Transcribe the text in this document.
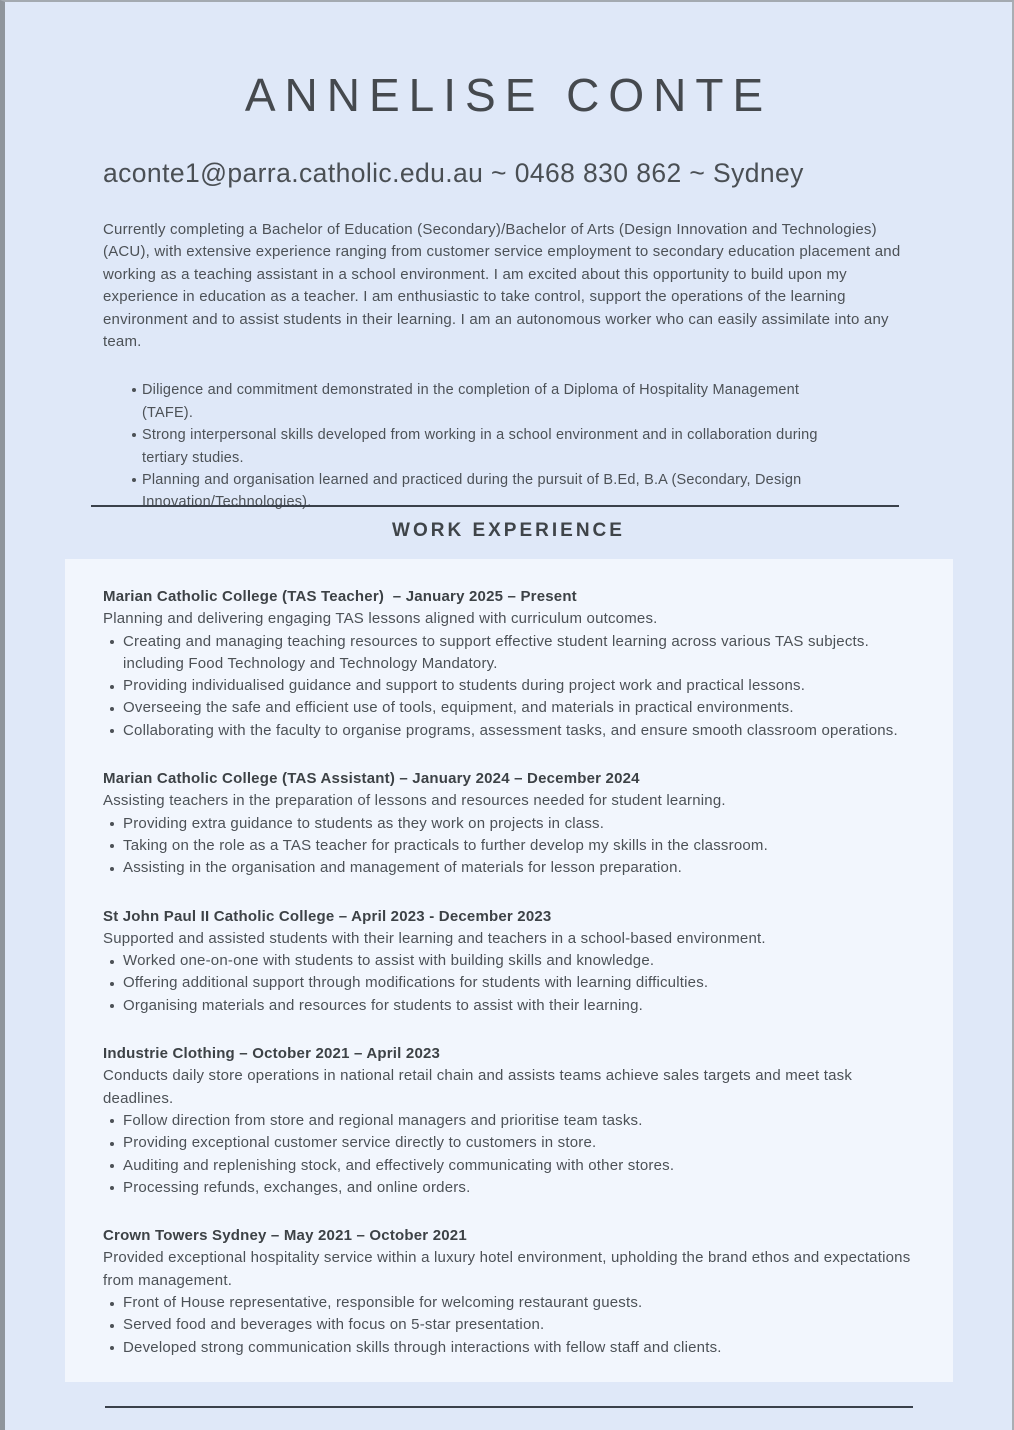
ANNELISE CONTE
aconte1@parra.catholic.edu.au ~ 0468 830 862 ~ Sydney

Currently completing a Bachelor of Education (Secondary)/Bachelor of Arts (Design Innovation and Technologies) (ACU), with extensive experience ranging from customer service employment to secondary education placement and working as a teaching assistant in a school environment. I am excited about this opportunity to build upon my experience in education as a teacher. I am enthusiastic to take control, support the operations of the learning environment and to assist students in their learning. I am an autonomous worker who can easily assimilate into any team.

Diligence and commitment demonstrated in the completion of a Diploma of Hospitality Management (TAFE).
Strong interpersonal skills developed from working in a school environment and in collaboration during tertiary studies.
Planning and organisation learned and practiced during the pursuit of B.Ed, B.A (Secondary, Design Innovation/Technologies).
WORK EXPERIENCE
Marian Catholic College (TAS Teacher)  – January 2025 – Present
Planning and delivering engaging TAS lessons aligned with curriculum outcomes.
Creating and managing teaching resources to support effective student learning across various TAS subjects. including Food Technology and Technology Mandatory.
Providing individualised guidance and support to students during project work and practical lessons.
Overseeing the safe and efficient use of tools, equipment, and materials in practical environments.
Collaborating with the faculty to organise programs, assessment tasks, and ensure smooth classroom operations.
Marian Catholic College (TAS Assistant) – January 2024 – December 2024
Assisting teachers in the preparation of lessons and resources needed for student learning.
Providing extra guidance to students as they work on projects in class.
Taking on the role as a TAS teacher for practicals to further develop my skills in the classroom.
Assisting in the organisation and management of materials for lesson preparation.
St John Paul II Catholic College – April 2023 - December 2023
Supported and assisted students with their learning and teachers in a school-based environment.
Worked one-on-one with students to assist with building skills and knowledge.
Offering additional support through modifications for students with learning difficulties.
Organising materials and resources for students to assist with their learning.
Industrie Clothing – October 2021 – April 2023
Conducts daily store operations in national retail chain and assists teams achieve sales targets and meet task deadlines.
Follow direction from store and regional managers and prioritise team tasks.
Providing exceptional customer service directly to customers in store.
Auditing and replenishing stock, and effectively communicating with other stores.
Processing refunds, exchanges, and online orders.
Crown Towers Sydney – May 2021 – October 2021
Provided exceptional hospitality service within a luxury hotel environment, upholding the brand ethos and expectations from management.
Front of House representative, responsible for welcoming restaurant guests.
Served food and beverages with focus on 5-star presentation.
Developed strong communication skills through interactions with fellow staff and clients.
